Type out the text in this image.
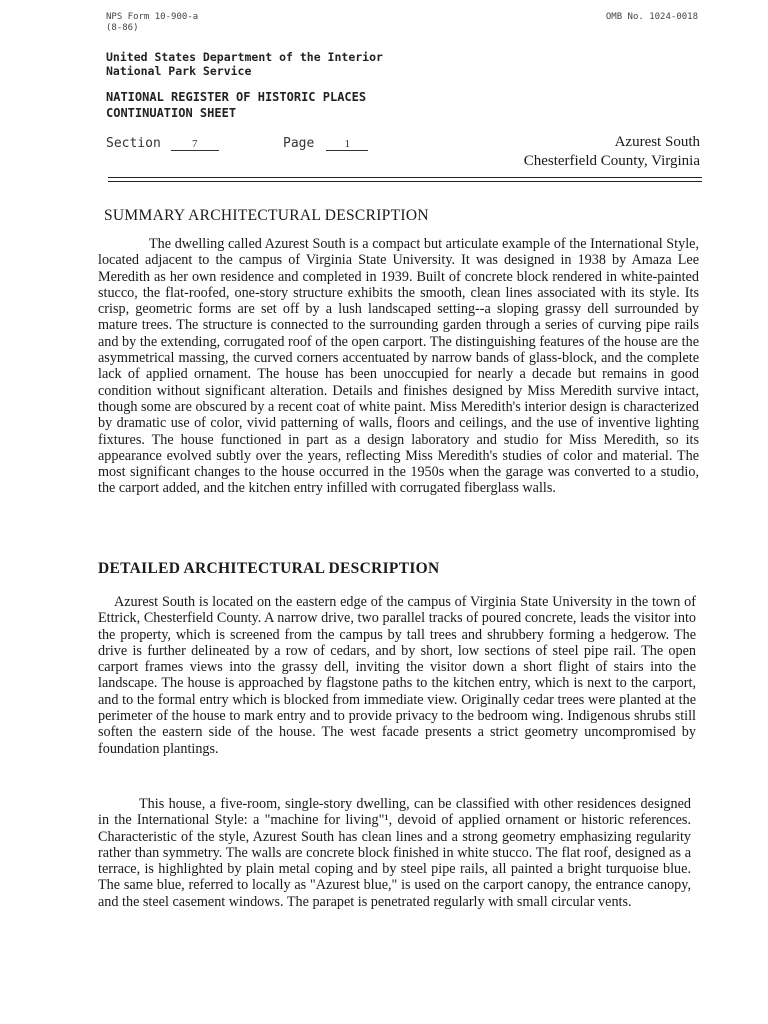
NPS Form 10-900-a
(8-86)
OMB No. 1024-0018
United States Department of the Interior
National Park Service
NATIONAL REGISTER OF HISTORIC PLACES
CONTINUATION SHEET
Section	7	Page	1	Azurest South
Chesterfield County, Virginia
SUMMARY ARCHITECTURAL DESCRIPTION

The dwelling called Azurest South is a compact but articulate example of the International Style, located adjacent to the campus of Virginia State University. It was designed in 1938 by Amaza Lee Meredith as her own residence and completed in 1939. Built of concrete block rendered in white-painted stucco, the flat-roofed, one-story structure exhibits the smooth, clean lines associated with its style. Its crisp, geometric forms are set off by a lush landscaped setting--a sloping grassy dell surrounded by mature trees. The structure is connected to the surrounding garden through a series of curving pipe rails and by the extending, corrugated roof of the open carport. The distinguishing features of the house are the asymmetrical massing, the curved corners accentuated by narrow bands of glass-block, and the complete lack of applied ornament. The house has been unoccupied for nearly a decade but remains in good condition without significant alteration. Details and finishes designed by Miss Meredith survive intact, though some are obscured by a recent coat of white paint. Miss Meredith's interior design is characterized by dramatic use of color, vivid patterning of walls, floors and ceilings, and the use of inventive lighting fixtures. The house functioned in part as a design laboratory and studio for Miss Meredith, so its appearance evolved subtly over the years, reflecting Miss Meredith's studies of color and material. The most significant changes to the house occurred in the 1950s when the garage was converted to a studio, the carport added, and the kitchen entry infilled with corrugated fiberglass walls.

DETAILED ARCHITECTURAL DESCRIPTION

Azurest South is located on the eastern edge of the campus of Virginia State University in the town of Ettrick, Chesterfield County. A narrow drive, two parallel tracks of poured concrete, leads the visitor into the property, which is screened from the campus by tall trees and shrubbery forming a hedgerow. The drive is further delineated by a row of cedars, and by short, low sections of steel pipe rail. The open carport frames views into the grassy dell, inviting the visitor down a short flight of stairs into the landscape. The house is approached by flagstone paths to the kitchen entry, which is next to the carport, and to the formal entry which is blocked from immediate view. Originally cedar trees were planted at the perimeter of the house to mark entry and to provide privacy to the bedroom wing. Indigenous shrubs still soften the eastern side of the house. The west facade presents a strict geometry uncompromised by foundation plantings.

This house, a five-room, single-story dwelling, can be classified with other residences designed in the International Style: a "machine for living"¹, devoid of applied ornament or historic references. Characteristic of the style, Azurest South has clean lines and a strong geometry emphasizing regularity rather than symmetry. The walls are concrete block finished in white stucco. The flat roof, designed as a terrace, is highlighted by plain metal coping and by steel pipe rails, all painted a bright turquoise blue. The same blue, referred to locally as "Azurest blue," is used on the carport canopy, the entrance canopy, and the steel casement windows. The parapet is penetrated regularly with small circular vents.
